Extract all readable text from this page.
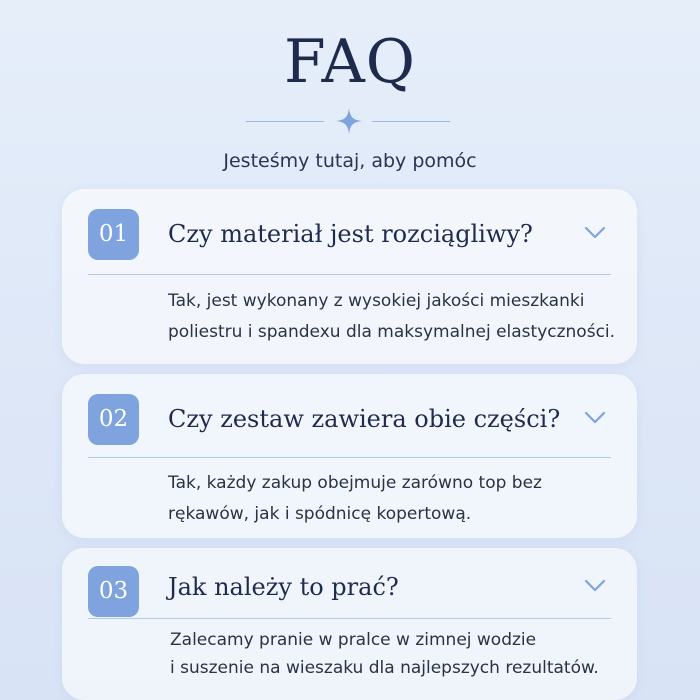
FAQ
Jesteśmy tutaj, aby pomóc
01	Czy materiał jest rozciągliwy?
Tak, jest wykonany z wysokiej jakości mieszkanki
poliestru i spandexu dla maksymalnej elastyczności.
02	Czy zestaw zawiera obie części?
Tak, każdy zakup obejmuje zarówno top bez
rękawów, jak i spódnicę kopertową.
03	Jak należy to prać?
Zalecamy pranie w pralce w zimnej wodzie
i suszenie na wieszaku dla najlepszych rezultatów.
